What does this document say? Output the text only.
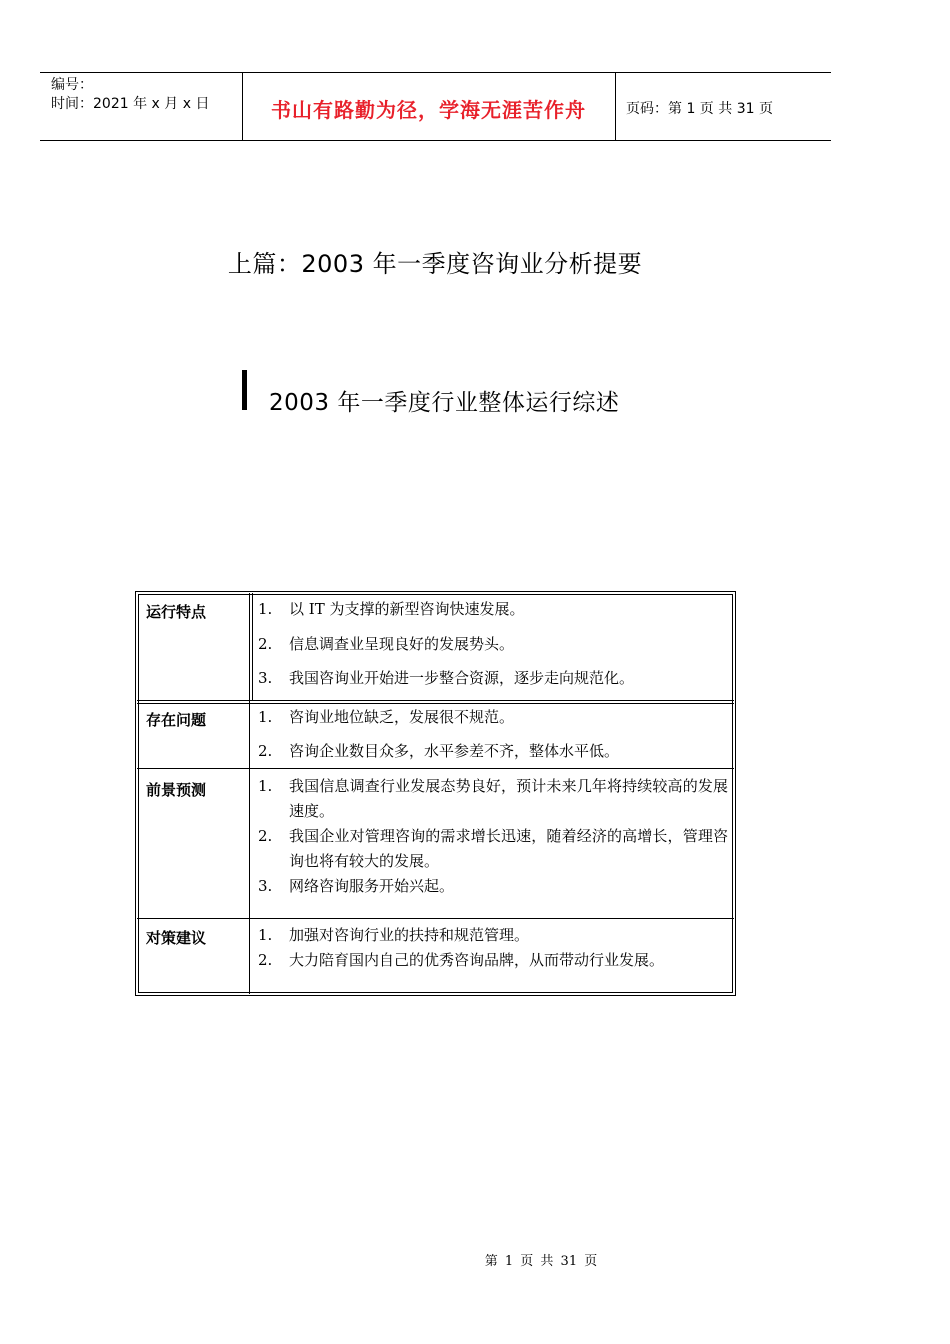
编号：
时间：2021 年 x 月 x 日	书山有路勤为径，学海无涯苦作舟	页码：第 1 页 共 31 页
上篇：2003 年一季度咨询业分析提要
2003 年一季度行业整体运行综述
运行特点	1. 以 IT 为支撑的新型咨询快速发展。
2. 信息调查业呈现良好的发展势头。
3. 我国咨询业开始进一步整合资源，逐步走向规范化。
存在问题	1. 咨询业地位缺乏，发展很不规范。
2. 咨询企业数目众多，水平参差不齐，整体水平低。
前景预测	1. 我国信息调查行业发展态势良好，预计未来几年将持续较高的发展速度。
2. 我国企业对管理咨询的需求增长迅速，随着经济的高增长，管理咨询也将有较大的发展。
3. 网络咨询服务开始兴起。
对策建议	1. 加强对咨询行业的扶持和规范管理。
2. 大力陪育国内自己的优秀咨询品牌，从而带动行业发展。
第 1 页 共 31 页
